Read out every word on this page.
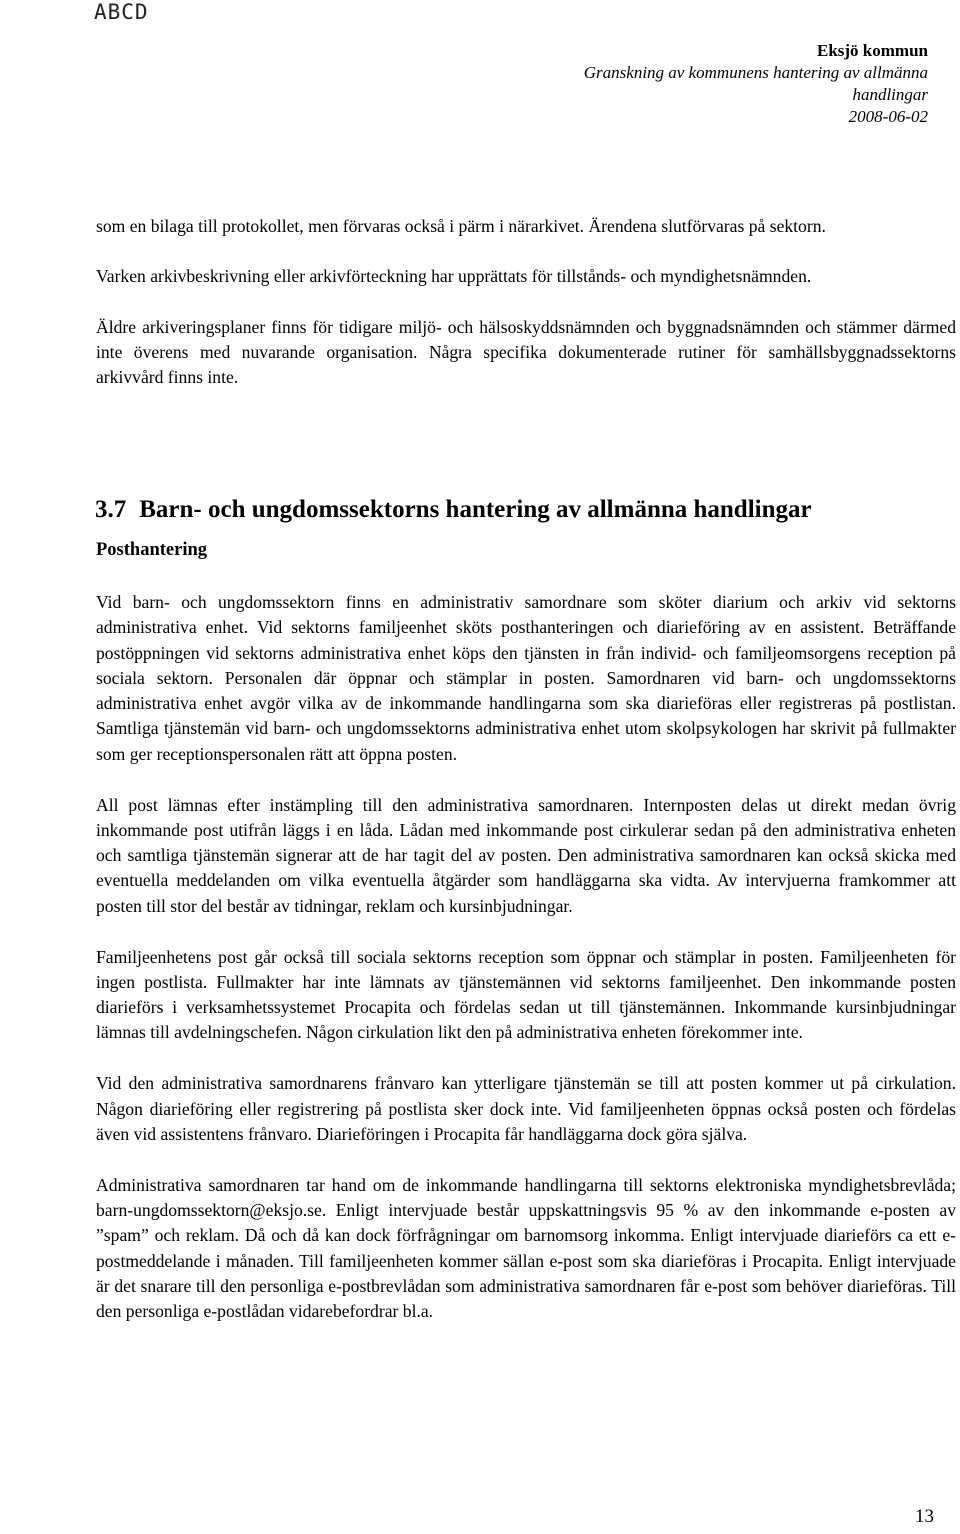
ABCD
Eksjö kommun
Granskning av kommunens hantering av allmänna
handlingar
2008-06-02

som en bilaga till protokollet, men förvaras också i pärm i närarkivet. Ärendena slutförvaras på sektorn.

Varken arkivbeskrivning eller arkivförteckning har upprättats för tillstånds- och myndighetsnämnden.

Äldre arkiveringsplaner finns för tidigare miljö- och hälsoskyddsnämnden och byggnadsnämnden och stämmer därmed inte överens med nuvarande organisation. Några specifika dokumenterade rutiner för samhällsbyggnadssektorns arkivvård finns inte.

3.7 Barn- och ungdomssektorns hantering av allmänna handlingar
Posthantering

Vid barn- och ungdomssektorn finns en administrativ samordnare som sköter diarium och arkiv vid sektorns administrativa enhet. Vid sektorns familjeenhet sköts posthanteringen och diarieföring av en assistent. Beträffande postöppningen vid sektorns administrativa enhet köps den tjänsten in från individ- och familjeomsorgens reception på sociala sektorn. Personalen där öppnar och stämplar in posten. Samordnaren vid barn- och ungdomssektorns administrativa enhet avgör vilka av de inkommande handlingarna som ska diarieföras eller registreras på postlistan. Samtliga tjänstemän vid barn- och ungdomssektorns administrativa enhet utom skolpsykologen har skrivit på fullmakter som ger receptionspersonalen rätt att öppna posten.

All post lämnas efter instämpling till den administrativa samordnaren. Internposten delas ut direkt medan övrig inkommande post utifrån läggs i en låda. Lådan med inkommande post cirkulerar sedan på den administrativa enheten och samtliga tjänstemän signerar att de har tagit del av posten. Den administrativa samordnaren kan också skicka med eventuella meddelanden om vilka eventuella åtgärder som handläggarna ska vidta. Av intervjuerna framkommer att posten till stor del består av tidningar, reklam och kursinbjudningar.

Familjeenhetens post går också till sociala sektorns reception som öppnar och stämplar in posten. Familjeenheten för ingen postlista. Fullmakter har inte lämnats av tjänstemännen vid sektorns familjeenhet. Den inkommande posten diarieförs i verksamhetssystemet Procapita och fördelas sedan ut till tjänstemännen. Inkommande kursinbjudningar lämnas till avdelningschefen. Någon cirkulation likt den på administrativa enheten förekommer inte.

Vid den administrativa samordnarens frånvaro kan ytterligare tjänstemän se till att posten kommer ut på cirkulation. Någon diarieföring eller registrering på postlista sker dock inte. Vid familjeenheten öppnas också posten och fördelas även vid assistentens frånvaro. Diarieföringen i Procapita får handläggarna dock göra själva.

Administrativa samordnaren tar hand om de inkommande handlingarna till sektorns elektroniska myndighetsbrevlåda; barn-ungdomssektorn@eksjo.se. Enligt intervjuade består uppskattningsvis 95 % av den inkommande e-posten av ”spam” och reklam. Då och då kan dock förfrågningar om barnomsorg inkomma. Enligt intervjuade diarieförs ca ett e-postmeddelande i månaden. Till familjeenheten kommer sällan e-post som ska diarieföras i Procapita. Enligt intervjuade är det snarare till den personliga e-postbrevlådan som administrativa samordnaren får e-post som behöver diarieföras. Till den personliga e-postlådan vidarebefordrar bl.a.

13
